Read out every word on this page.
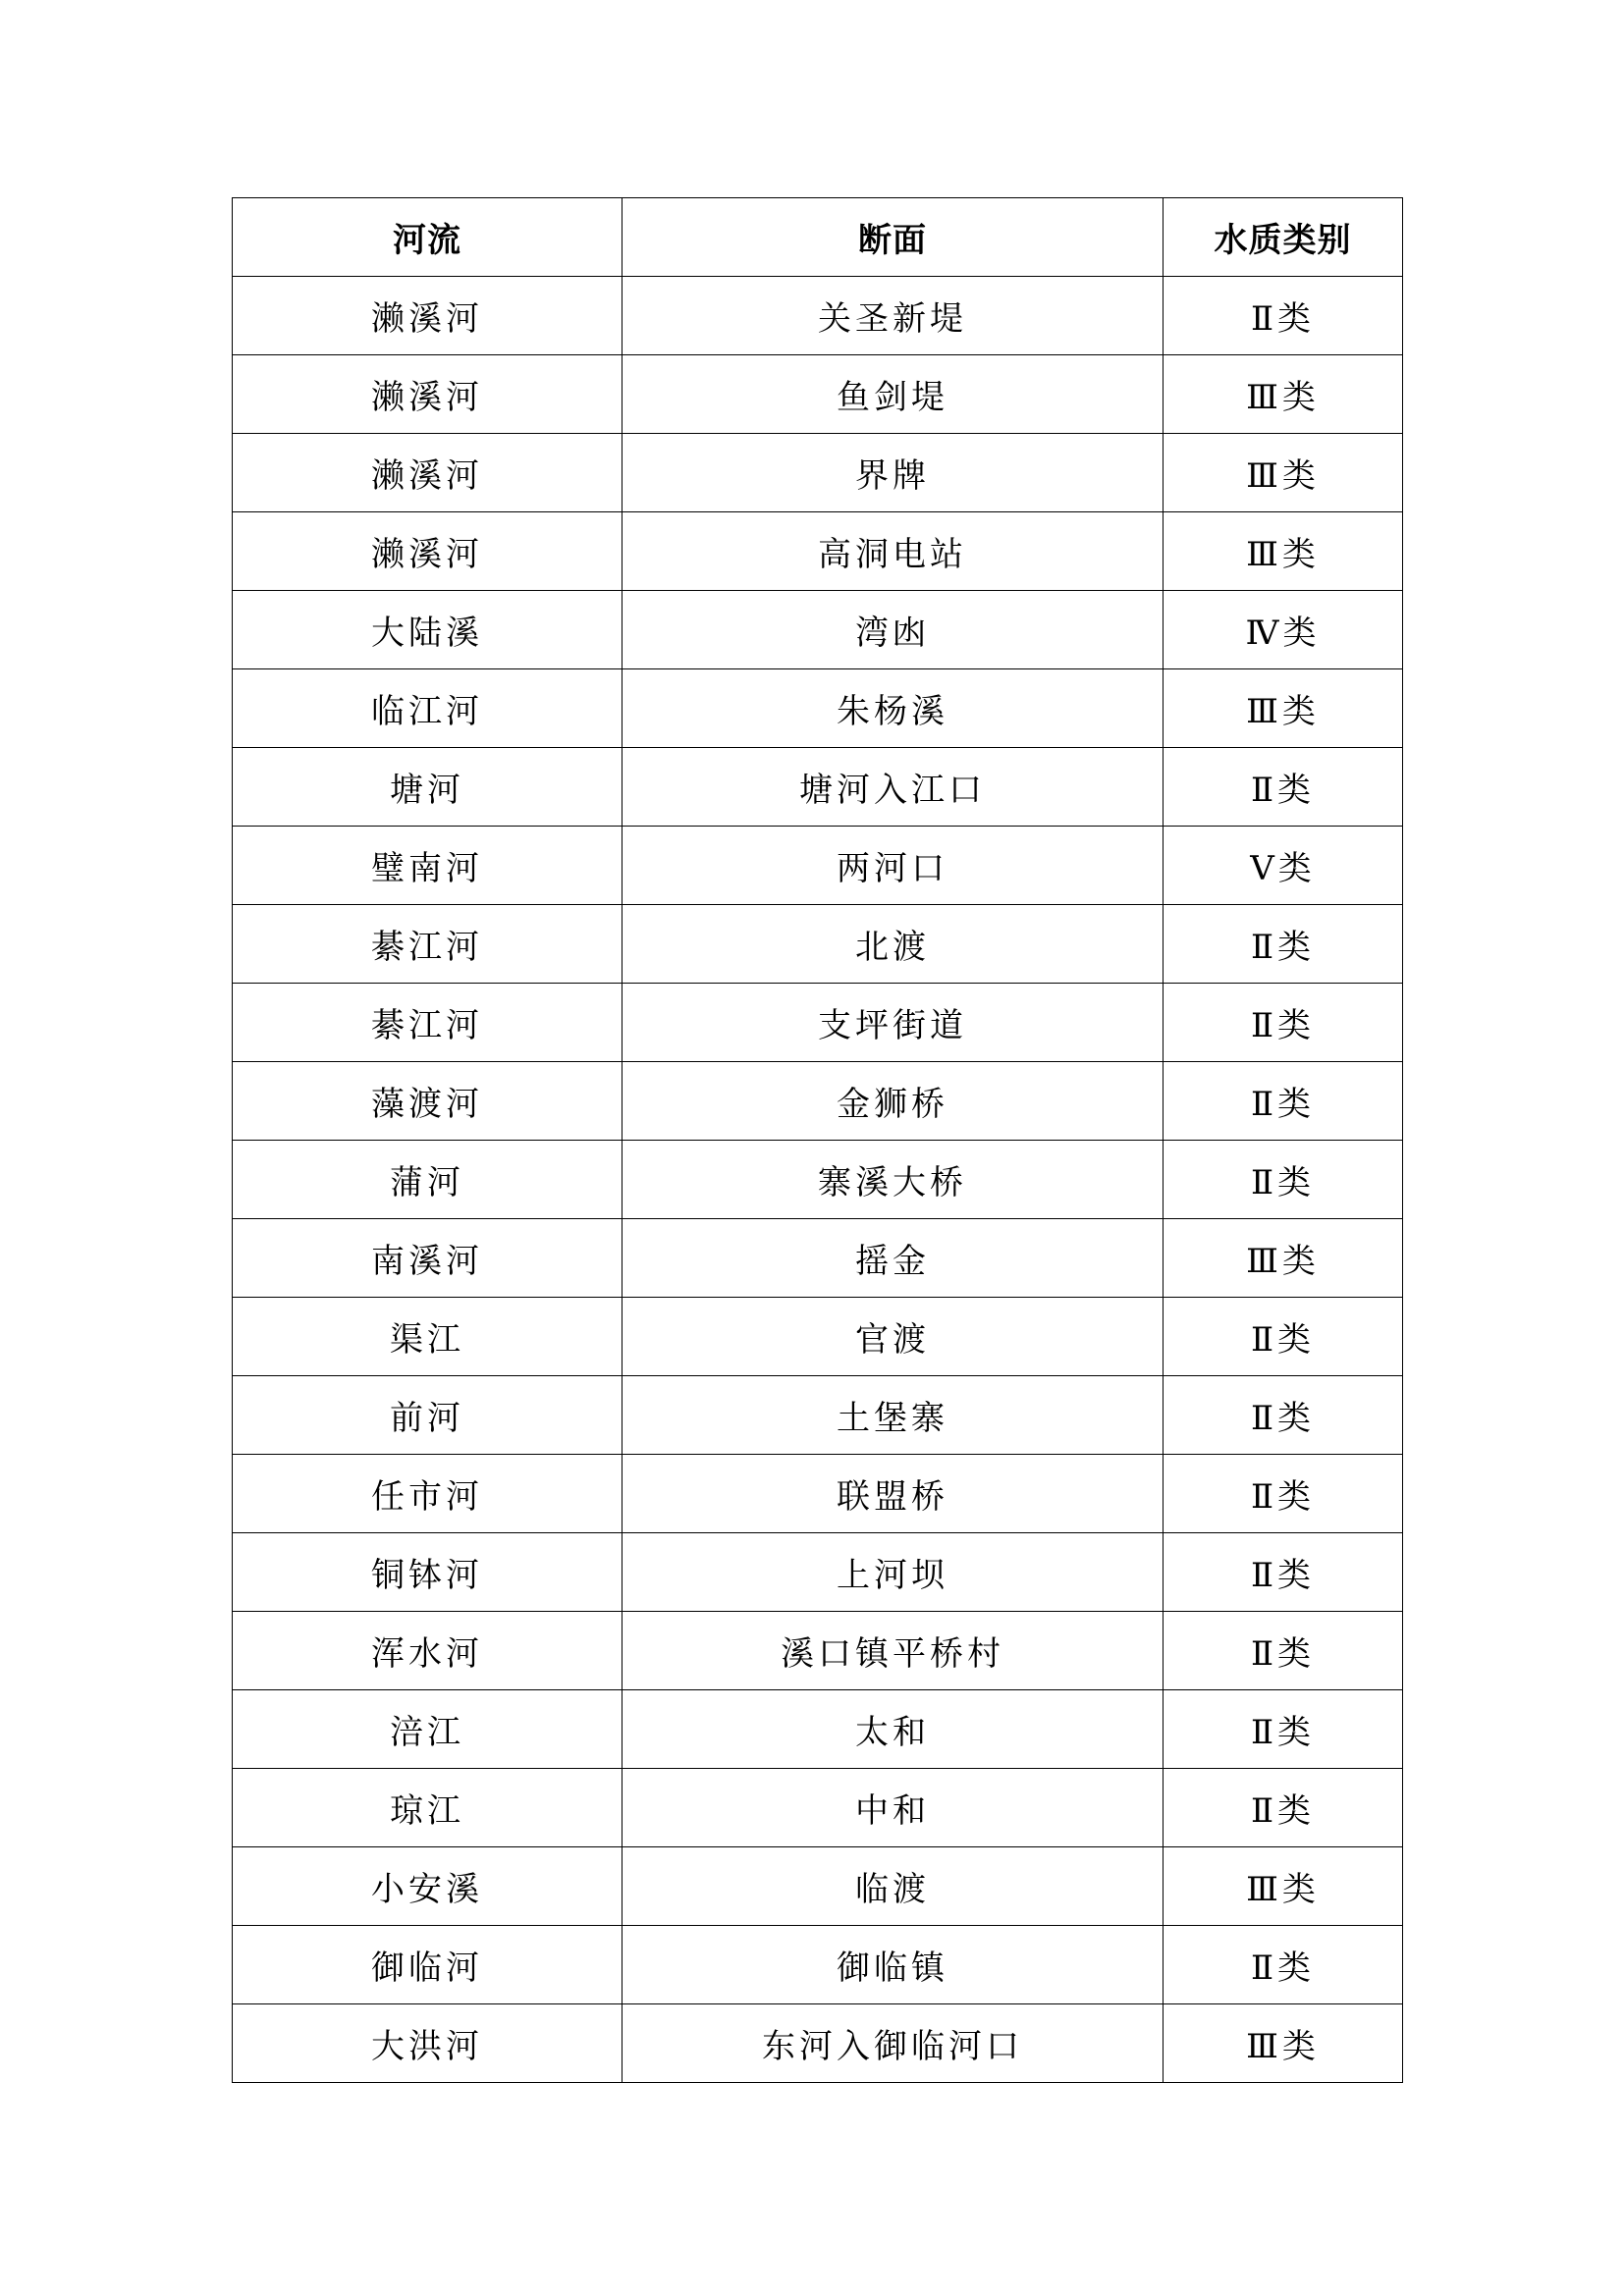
河流	断面	水质类别
濑溪河	关圣新堤	Ⅱ类
濑溪河	鱼剑堤	Ⅲ类
濑溪河	界牌	Ⅲ类
濑溪河	高洞电站	Ⅲ类
大陆溪	湾凼	Ⅳ类
临江河	朱杨溪	Ⅲ类
塘河	塘河入江口	Ⅱ类
璧南河	两河口	Ⅴ类
綦江河	北渡	Ⅱ类
綦江河	支坪街道	Ⅱ类
藻渡河	金狮桥	Ⅱ类
蒲河	寨溪大桥	Ⅱ类
南溪河	摇金	Ⅲ类
渠江	官渡	Ⅱ类
前河	土堡寨	Ⅱ类
任市河	联盟桥	Ⅱ类
铜钵河	上河坝	Ⅱ类
浑水河	溪口镇平桥村	Ⅱ类
涪江	太和	Ⅱ类
琼江	中和	Ⅱ类
小安溪	临渡	Ⅲ类
御临河	御临镇	Ⅱ类
大洪河	东河入御临河口	Ⅲ类
